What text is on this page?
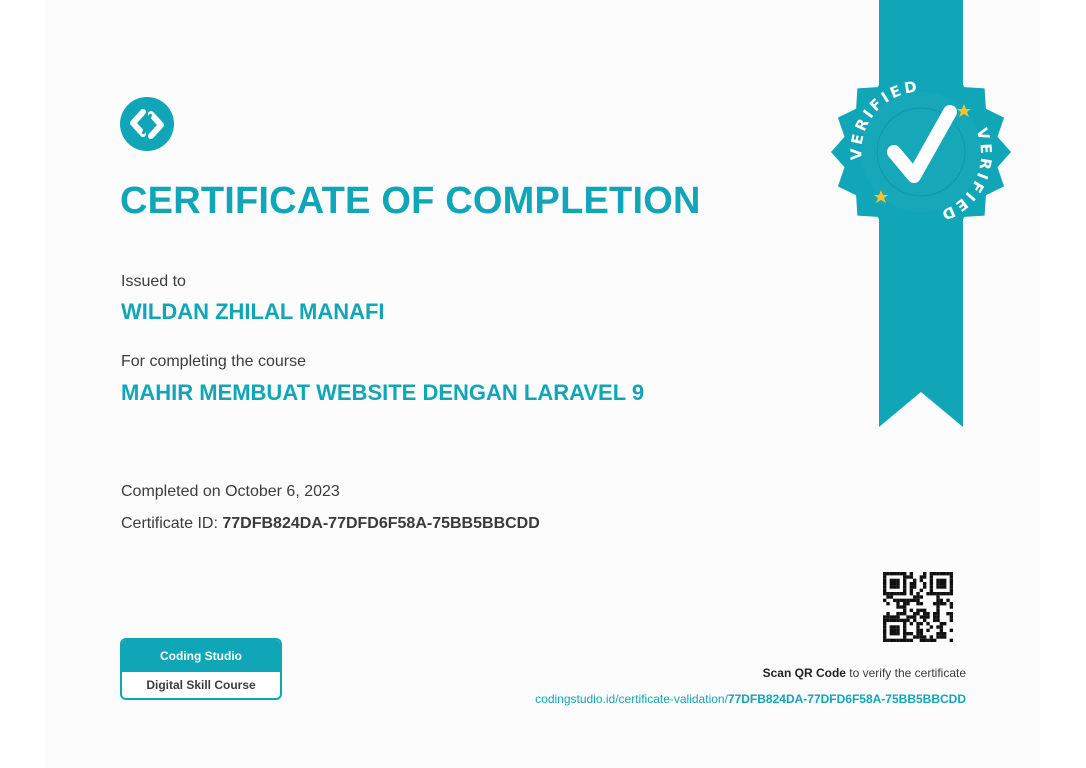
CERTIFICATE OF COMPLETION
Issued to
WILDAN ZHILAL MANAFI
For completing the course
MAHIR MEMBUAT WEBSITE DENGAN LARAVEL 9
Completed on October 6, 2023
Certificate ID: 77DFB824DA-77DFD6F58A-75BB5BBCDD
VERIFIED
VERIFIED
Scan QR Code to verify the certificate
codingstudio.id/certificate-validation/77DFB824DA-77DFD6F58A-75BB5BBCDD
Coding Studio
Digital Skill Course
